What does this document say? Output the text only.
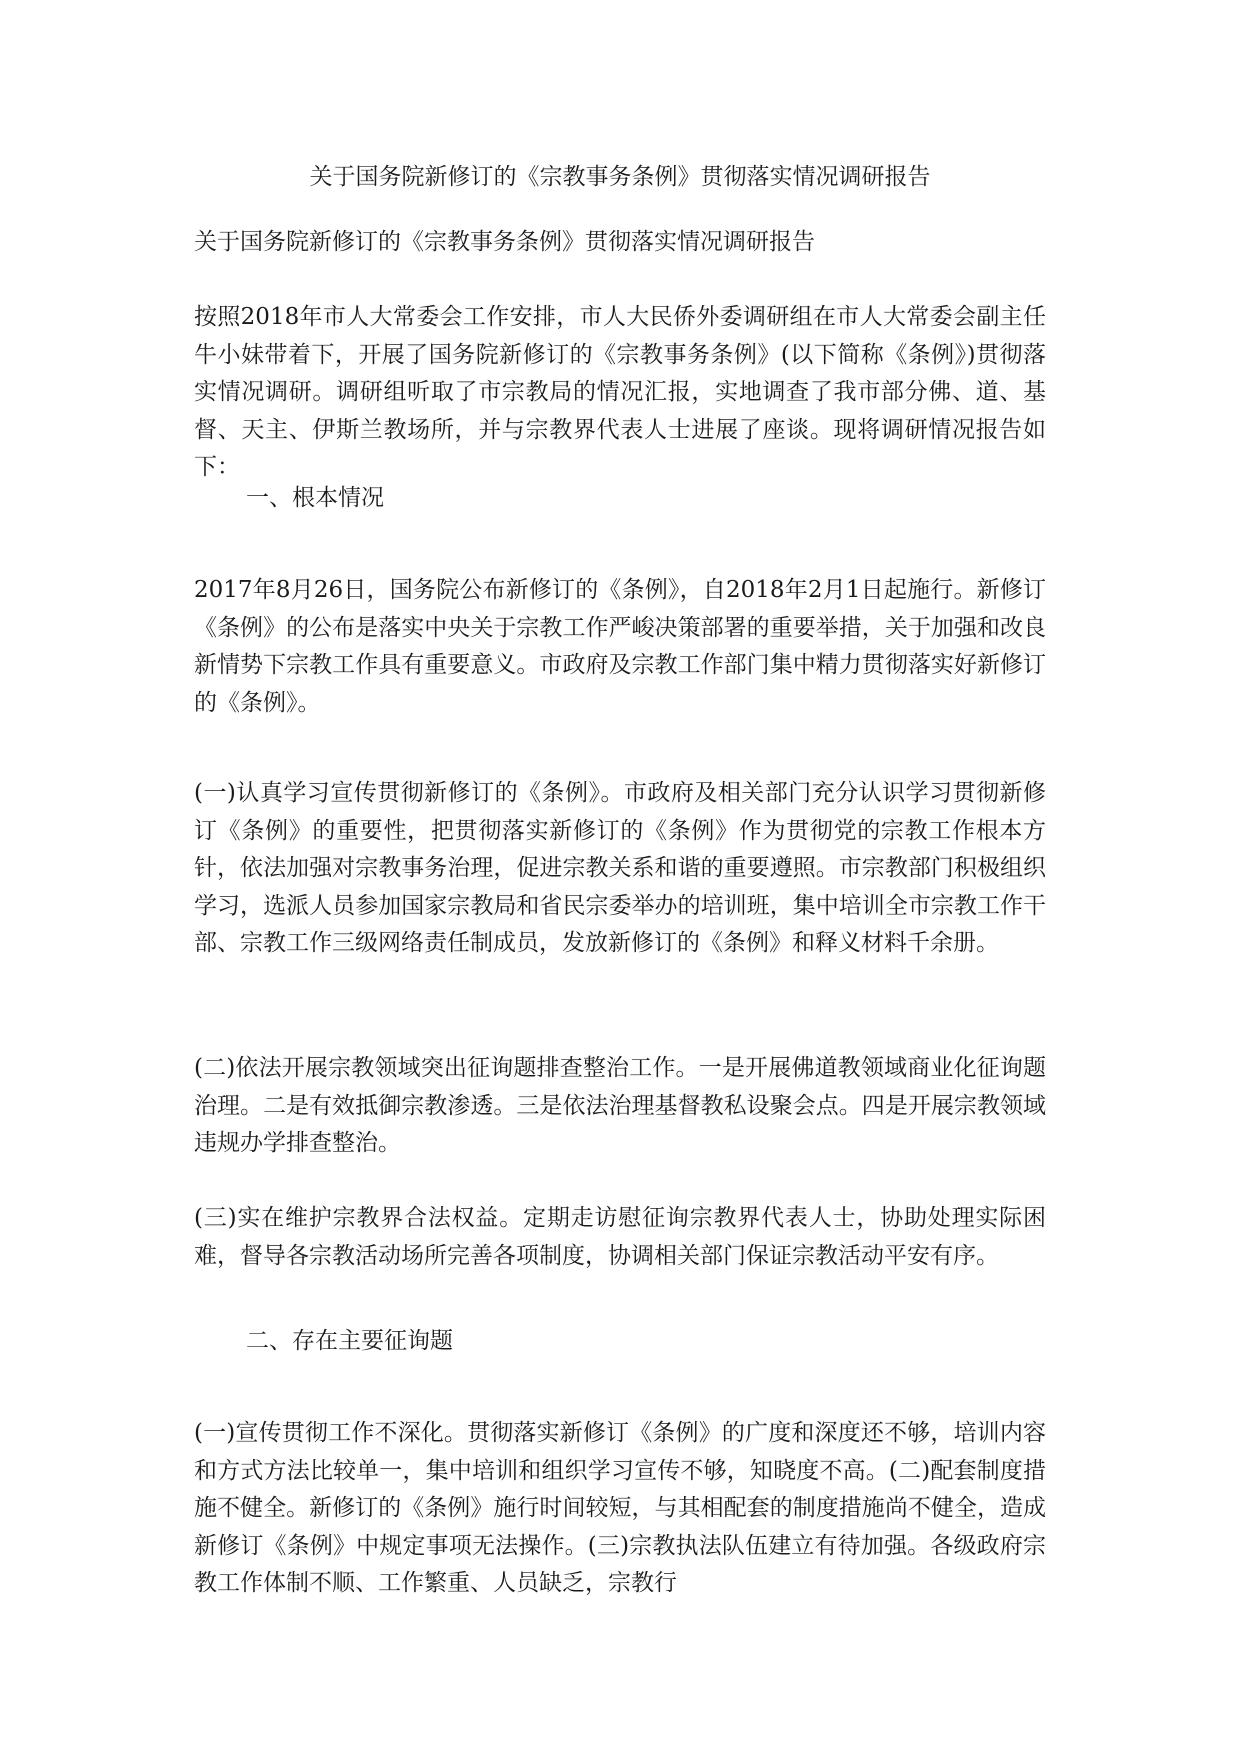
关于国务院新修订的《宗教事务条例》贯彻落实情况调研报告

关于国务院新修订的《宗教事务条例》贯彻落实情况调研报告

按照2018年市人大常委会工作安排，市人大民侨外委调研组在市人大常委会副主任牛小妹带着下，开展了国务院新修订的《宗教事务条例》(以下简称《条例》)贯彻落实情况调研。调研组听取了市宗教局的情况汇报，实地调查了我市部分佛、道、基督、天主、伊斯兰教场所，并与宗教界代表人士进展了座谈。现将调研情况报告如下：

一、根本情况

2017年8月26日，国务院公布新修订的《条例》，自2018年2月1日起施行。新修订《条例》的公布是落实中央关于宗教工作严峻决策部署的重要举措，关于加强和改良新情势下宗教工作具有重要意义。市政府及宗教工作部门集中精力贯彻落实好新修订的《条例》。

(一)认真学习宣传贯彻新修订的《条例》。市政府及相关部门充分认识学习贯彻新修订《条例》的重要性，把贯彻落实新修订的《条例》作为贯彻党的宗教工作根本方针，依法加强对宗教事务治理，促进宗教关系和谐的重要遵照。市宗教部门积极组织学习，选派人员参加国家宗教局和省民宗委举办的培训班，集中培训全市宗教工作干部、宗教工作三级网络责任制成员，发放新修订的《条例》和释义材料千余册。

(二)依法开展宗教领域突出征询题排查整治工作。一是开展佛道教领域商业化征询题治理。二是有效抵御宗教渗透。三是依法治理基督教私设聚会点。四是开展宗教领域违规办学排查整治。

(三)实在维护宗教界合法权益。定期走访慰征询宗教界代表人士，协助处理实际困难，督导各宗教活动场所完善各项制度，协调相关部门保证宗教活动平安有序。

二、存在主要征询题

(一)宣传贯彻工作不深化。贯彻落实新修订《条例》的广度和深度还不够，培训内容和方式方法比较单一，集中培训和组织学习宣传不够，知晓度不高。(二)配套制度措施不健全。新修订的《条例》施行时间较短，与其相配套的制度措施尚不健全，造成新修订《条例》中规定事项无法操作。(三)宗教执法队伍建立有待加强。各级政府宗教工作体制不顺、工作繁重、人员缺乏，宗教行
